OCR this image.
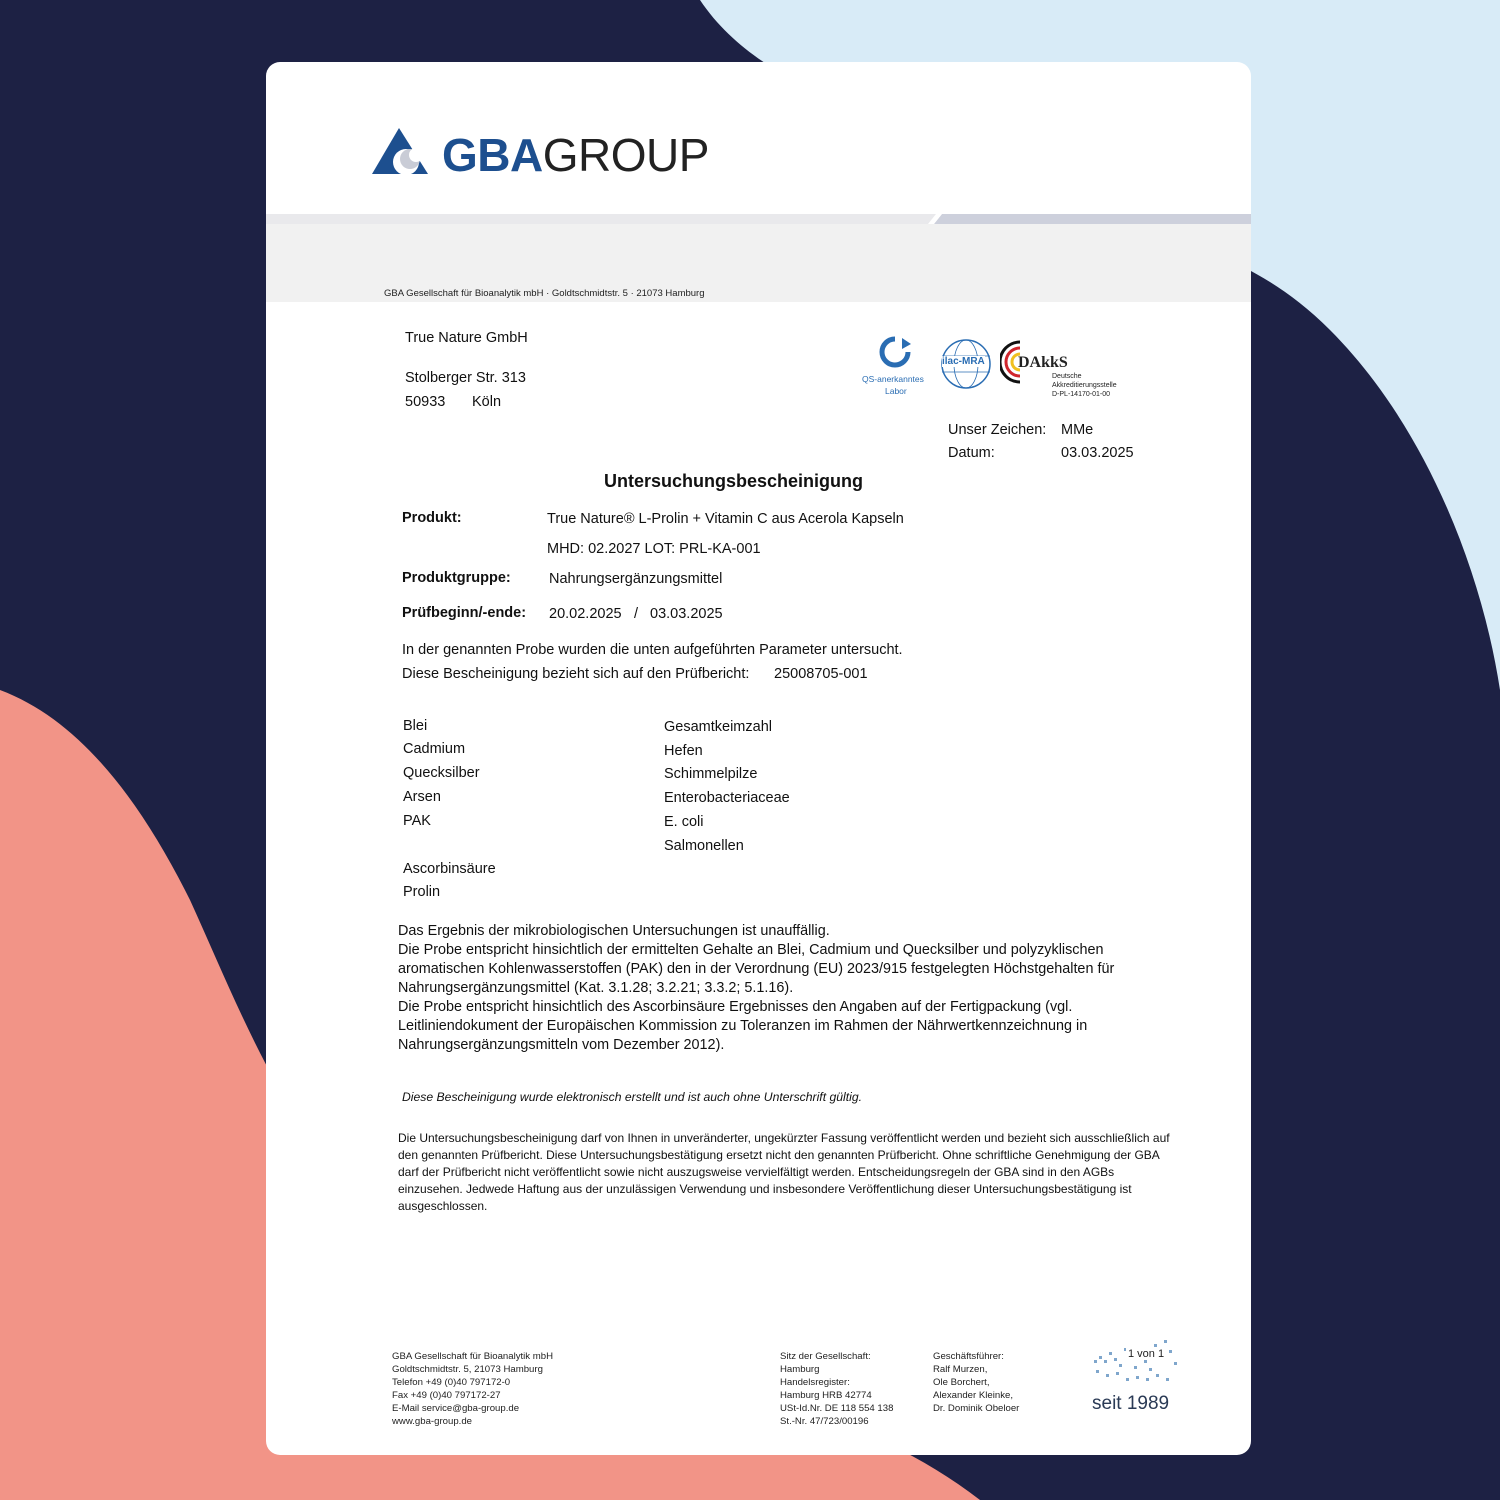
GBAGROUP
GBA Gesellschaft für Bioanalytik mbH · Goldtschmidtstr. 5 · 21073 Hamburg
True Nature GmbH
Stolberger Str. 313
50933 Köln
QS-anerkanntes
Labor
ilac-MRA DAkkS
Deutsche
Akkreditierungsstelle
D-PL-14170-01-00
Unser Zeichen: MMe
Datum:	03.03.2025
Untersuchungsbescheinigung
Produkt:	True Nature® L-Prolin + Vitamin C aus Acerola Kapseln
MHD: 02.2027 LOT: PRL-KA-001
Produktgruppe:	Nahrungsergänzungsmittel
Prüfbeginn/-ende: 20.02.2025 / 03.03.2025
In der genannten Probe wurden die unten aufgeführten Parameter untersucht.
Diese Bescheinigung bezieht sich auf den Prüfbericht: 25008705-001
Blei
Cadmium
Quecksilber
Arsen
PAK
Gesamtkeimzahl
Hefen
Schimmelpilze
Enterobacteriaceae
E. coli
Salmonellen
Ascorbinsäure
Prolin
Das Ergebnis der mikrobiologischen Untersuchungen ist unauffällig.
Die Probe entspricht hinsichtlich der ermittelten Gehalte an Blei, Cadmium und Quecksilber und polyzyklischen aromatischen Kohlenwasserstoffen (PAK) den in der Verordnung (EU) 2023/915 festgelegten Höchstgehalten für Nahrungsergänzungsmittel (Kat. 3.1.28; 3.2.21; 3.3.2; 5.1.16).
Die Probe entspricht hinsichtlich des Ascorbinsäure Ergebnisses den Angaben auf der Fertigpackung (vgl. Leitliniendokument der Europäischen Kommission zu Toleranzen im Rahmen der Nährwertkennzeichnung in Nahrungsergänzungsmitteln vom Dezember 2012).
Diese Bescheinigung wurde elektronisch erstellt und ist auch ohne Unterschrift gültig.
Die Untersuchungsbescheinigung darf von Ihnen in unveränderter, ungekürzter Fassung veröffentlicht werden und bezieht sich ausschließlich auf den genannten Prüfbericht. Diese Untersuchungsbestätigung ersetzt nicht den genannten Prüfbericht. Ohne schriftliche Genehmigung der GBA darf der Prüfbericht nicht veröffentlicht sowie nicht auszugsweise vervielfältigt werden. Entscheidungsregeln der GBA sind in den AGBs einzusehen. Jedwede Haftung aus der unzulässigen Verwendung und insbesondere Veröffentlichung dieser Untersuchungsbestätigung ist ausgeschlossen.
GBA Gesellschaft für Bioanalytik mbH
Goldtschmidtstr. 5, 21073 Hamburg
Telefon +49 (0)40 797172-0
Fax +49 (0)40 797172-27
E-Mail service@gba-group.de
www.gba-group.de
Sitz der Gesellschaft:
Hamburg
Handelsregister:
Hamburg HRB 42774
USt-Id.Nr. DE 118 554 138
St.-Nr. 47/723/00196
Geschäftsführer:
Ralf Murzen,
Ole Borchert,
Alexander Kleinke,
Dr. Dominik Obeloer
1 von 1
seit 1989
